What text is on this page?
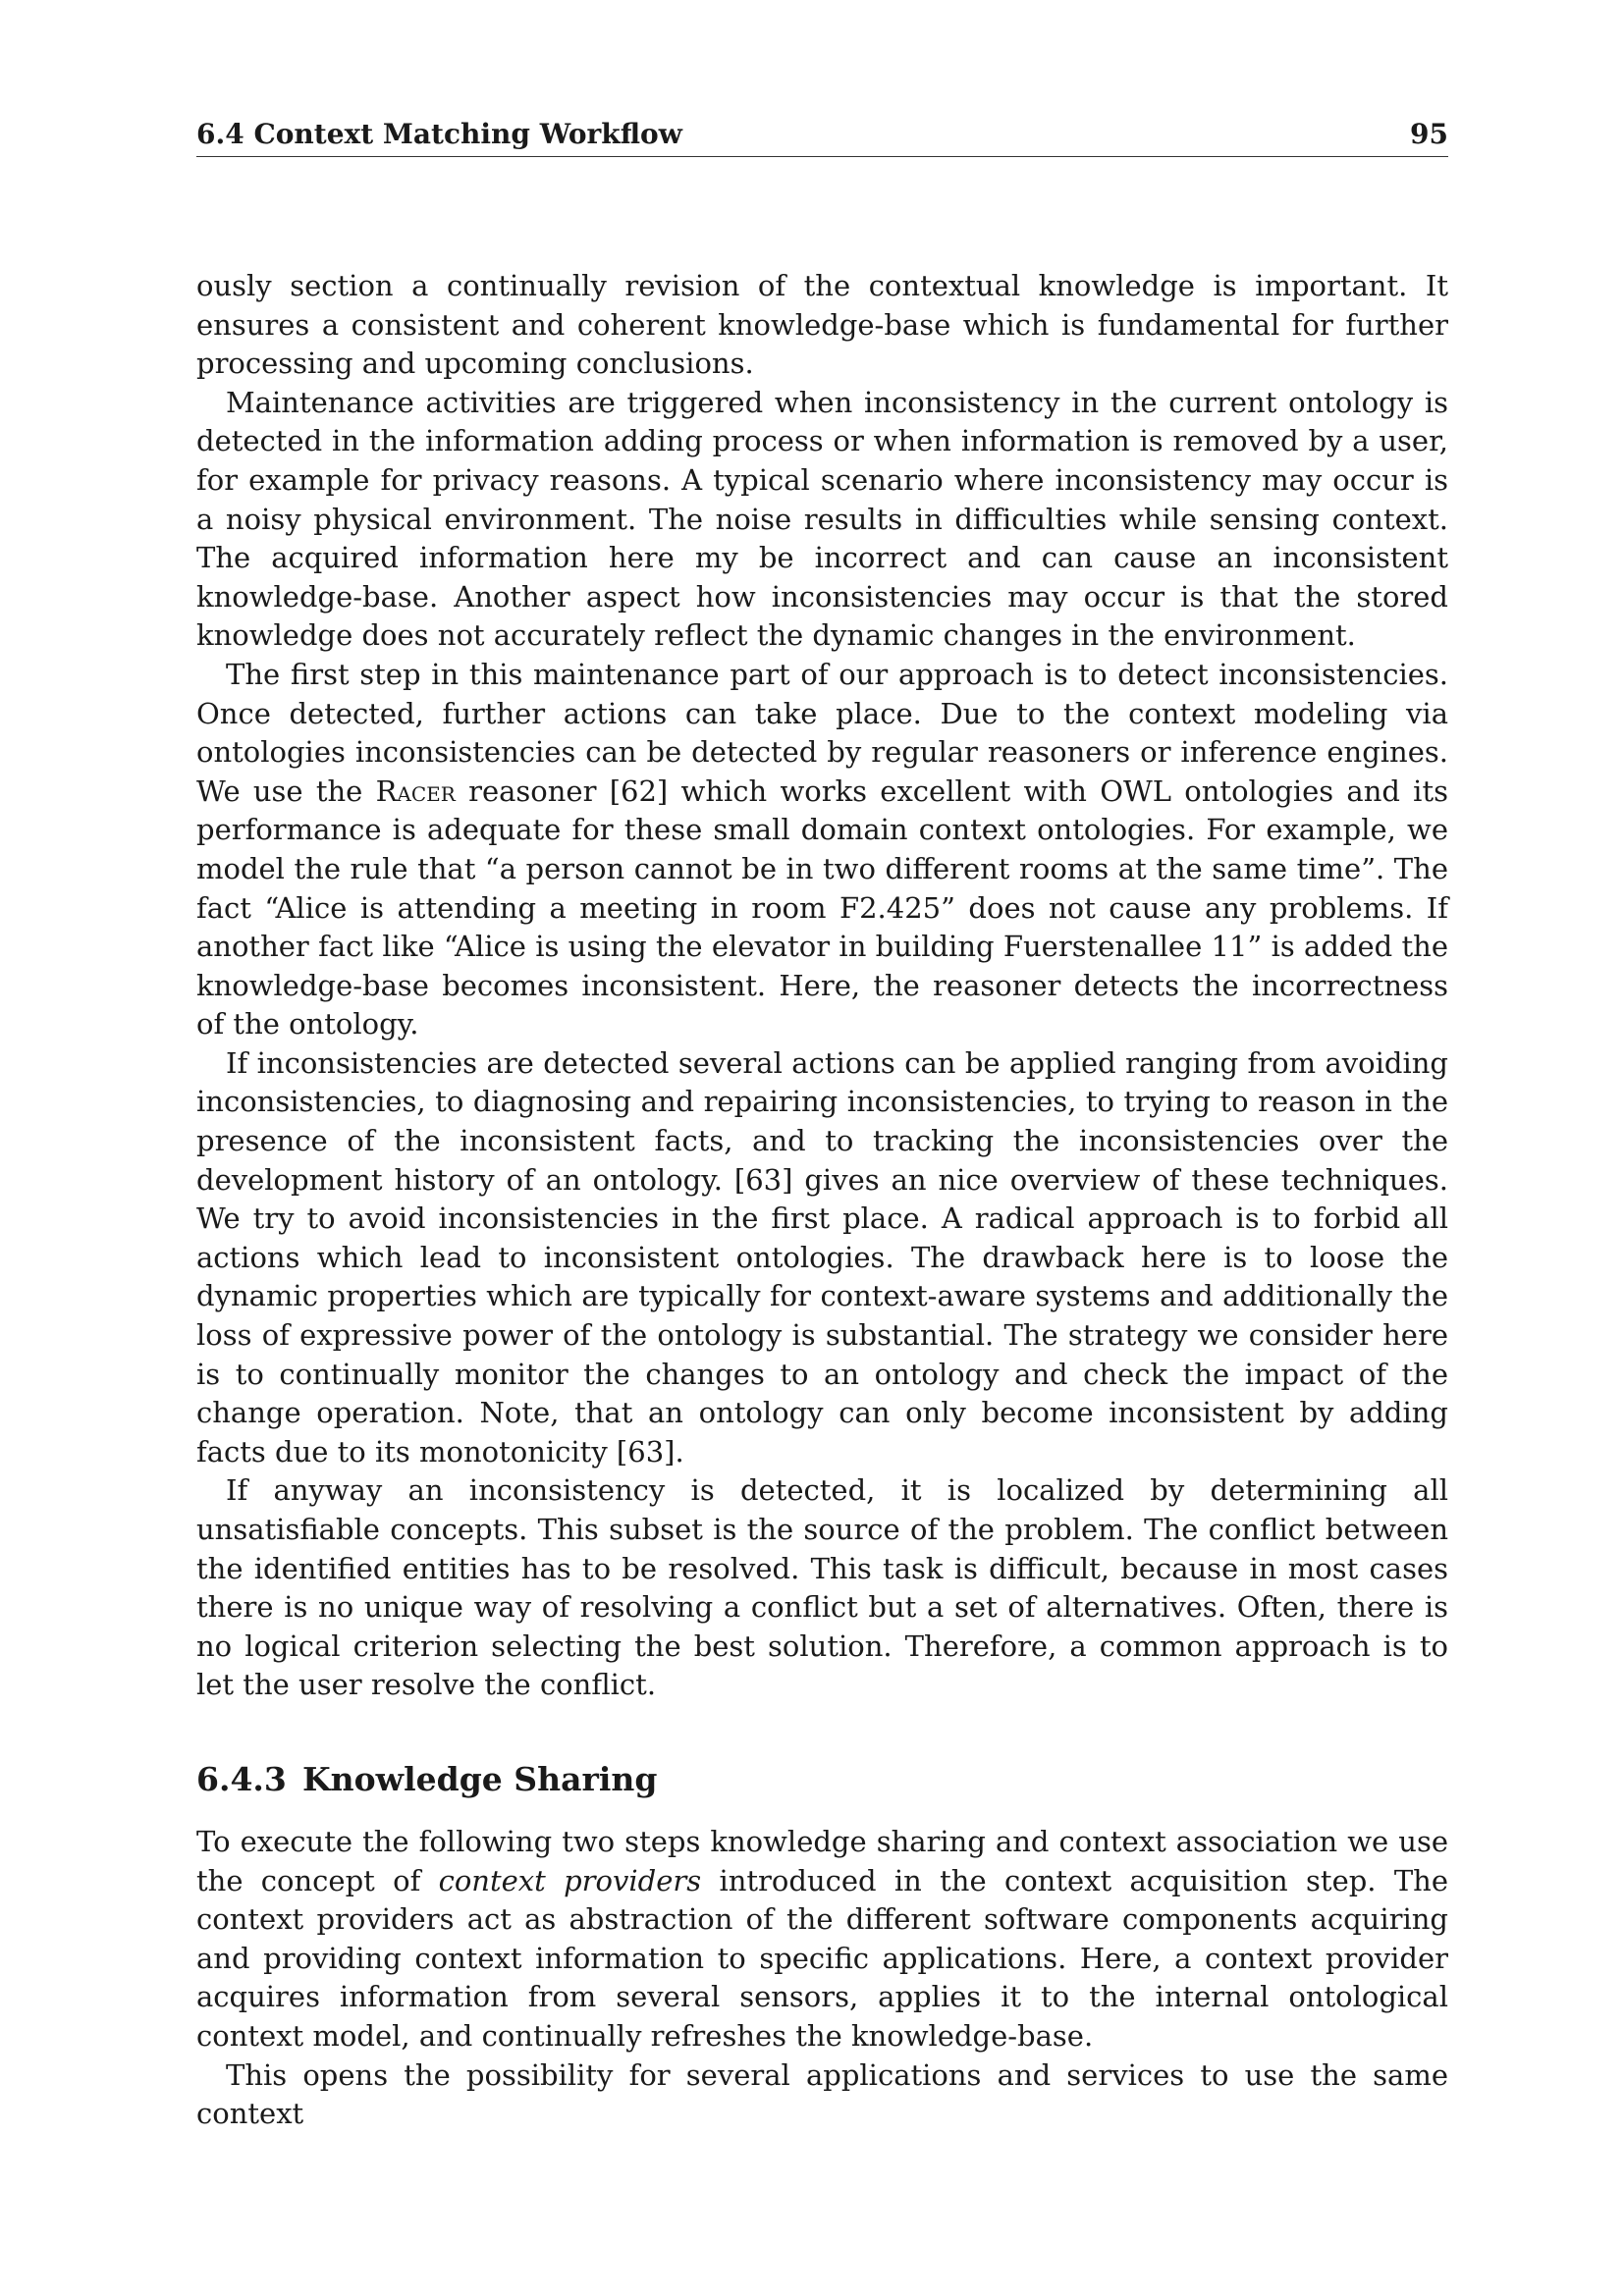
6.4 Context Matching Workflow	95

ously section a continually revision of the contextual knowledge is important. It ensures a consistent and coherent knowledge-base which is fundamental for further processing and upcoming conclusions.

Maintenance activities are triggered when inconsistency in the current ontology is detected in the information adding process or when information is removed by a user, for example for privacy reasons. A typical scenario where inconsistency may occur is a noisy physical environment. The noise results in difficulties while sensing context. The acquired information here my be incorrect and can cause an inconsistent knowledge-base. Another aspect how inconsistencies may occur is that the stored knowledge does not accurately reflect the dynamic changes in the environment.

The first step in this maintenance part of our approach is to detect inconsistencies. Once detected, further actions can take place. Due to the context modeling via ontologies inconsistencies can be detected by regular reasoners or inference engines. We use the Racer reasoner [62] which works excellent with OWL ontologies and its performance is adequate for these small domain context ontologies. For example, we model the rule that “a person cannot be in two different rooms at the same time”. The fact “Alice is attending a meeting in room F2.425” does not cause any problems. If another fact like “Alice is using the elevator in building Fuerstenallee 11” is added the knowledge-base becomes inconsistent. Here, the reasoner detects the incorrectness of the ontology.

If inconsistencies are detected several actions can be applied ranging from avoiding inconsistencies, to diagnosing and repairing inconsistencies, to trying to reason in the presence of the inconsistent facts, and to tracking the inconsistencies over the development history of an ontology. [63] gives an nice overview of these techniques. We try to avoid inconsistencies in the first place. A radical approach is to forbid all actions which lead to inconsistent ontologies. The drawback here is to loose the dynamic properties which are typically for context-aware systems and additionally the loss of expressive power of the ontology is substantial. The strategy we consider here is to continually monitor the changes to an ontology and check the impact of the change operation. Note, that an ontology can only become inconsistent by adding facts due to its monotonicity [63].

If anyway an inconsistency is detected, it is localized by determining all unsatisfiable concepts. This subset is the source of the problem. The conflict between the identified entities has to be resolved. This task is difficult, because in most cases there is no unique way of resolving a conflict but a set of alternatives. Often, there is no logical criterion selecting the best solution. Therefore, a common approach is to let the user resolve the conflict.

6.4.3 Knowledge Sharing

To execute the following two steps knowledge sharing and context association we use the concept of context providers introduced in the context acquisition step. The context providers act as abstraction of the different software components acquiring and providing context information to specific applications. Here, a context provider acquires information from several sensors, applies it to the internal ontological context model, and continually refreshes the knowledge-base.

This opens the possibility for several applications and services to use the same context
